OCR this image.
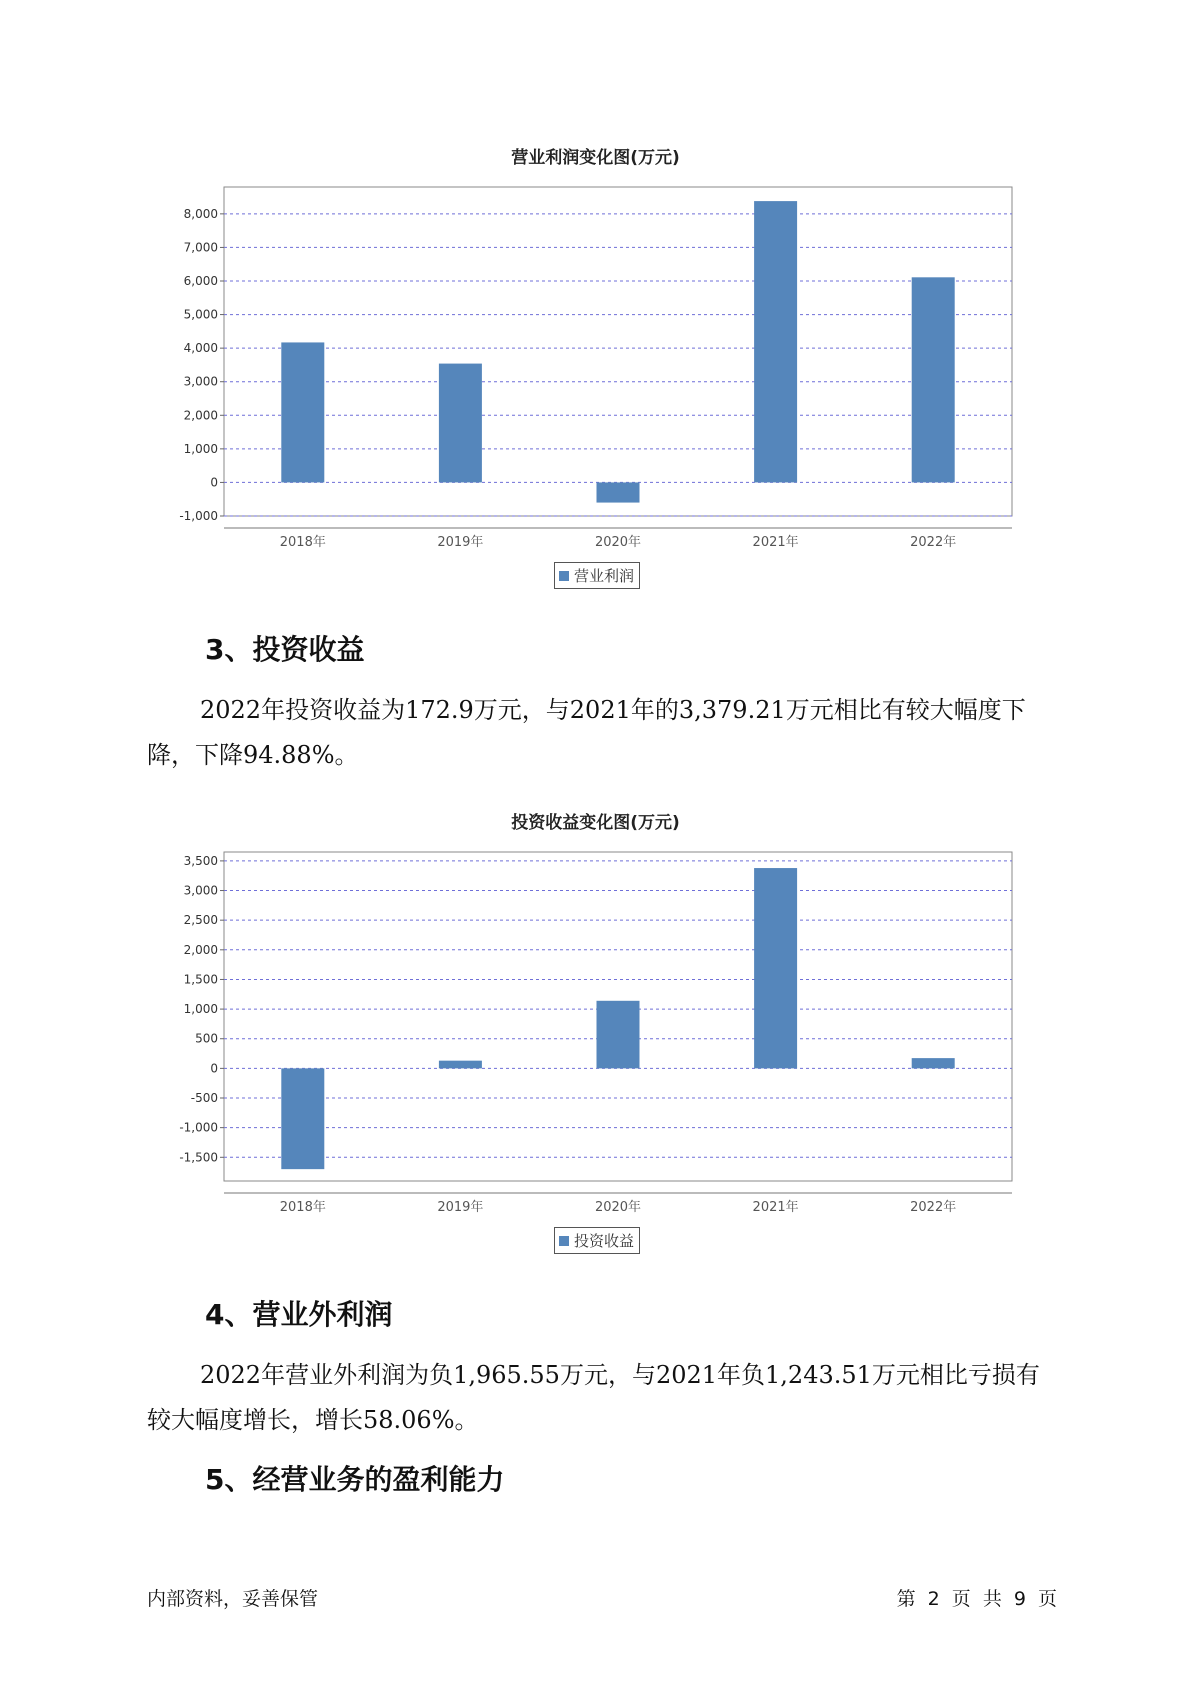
营业利润变化图(万元)
-1,000
0
1,000
2,000
3,000
4,000
5,000
6,000
7,000
8,000
2018年	2019年	2020年	2021年	2022年
营业利润
3、投资收益
2022年投资收益为172.9万元，与2021年的3,379.21万元相比有较大幅度下降，下降94.88%。
投资收益变化图(万元)
-1,500
-1,000
-500
0
500
1,000
1,500
2,000
2,500
3,000
3,500
2018年	2019年	2020年	2021年	2022年
投资收益
4、营业外利润
2022年营业外利润为负1,965.55万元，与2021年负1,243.51万元相比亏损有较大幅度增长，增长58.06%。
5、经营业务的盈利能力
内部资料，妥善保管	第 2 页 共 9 页
